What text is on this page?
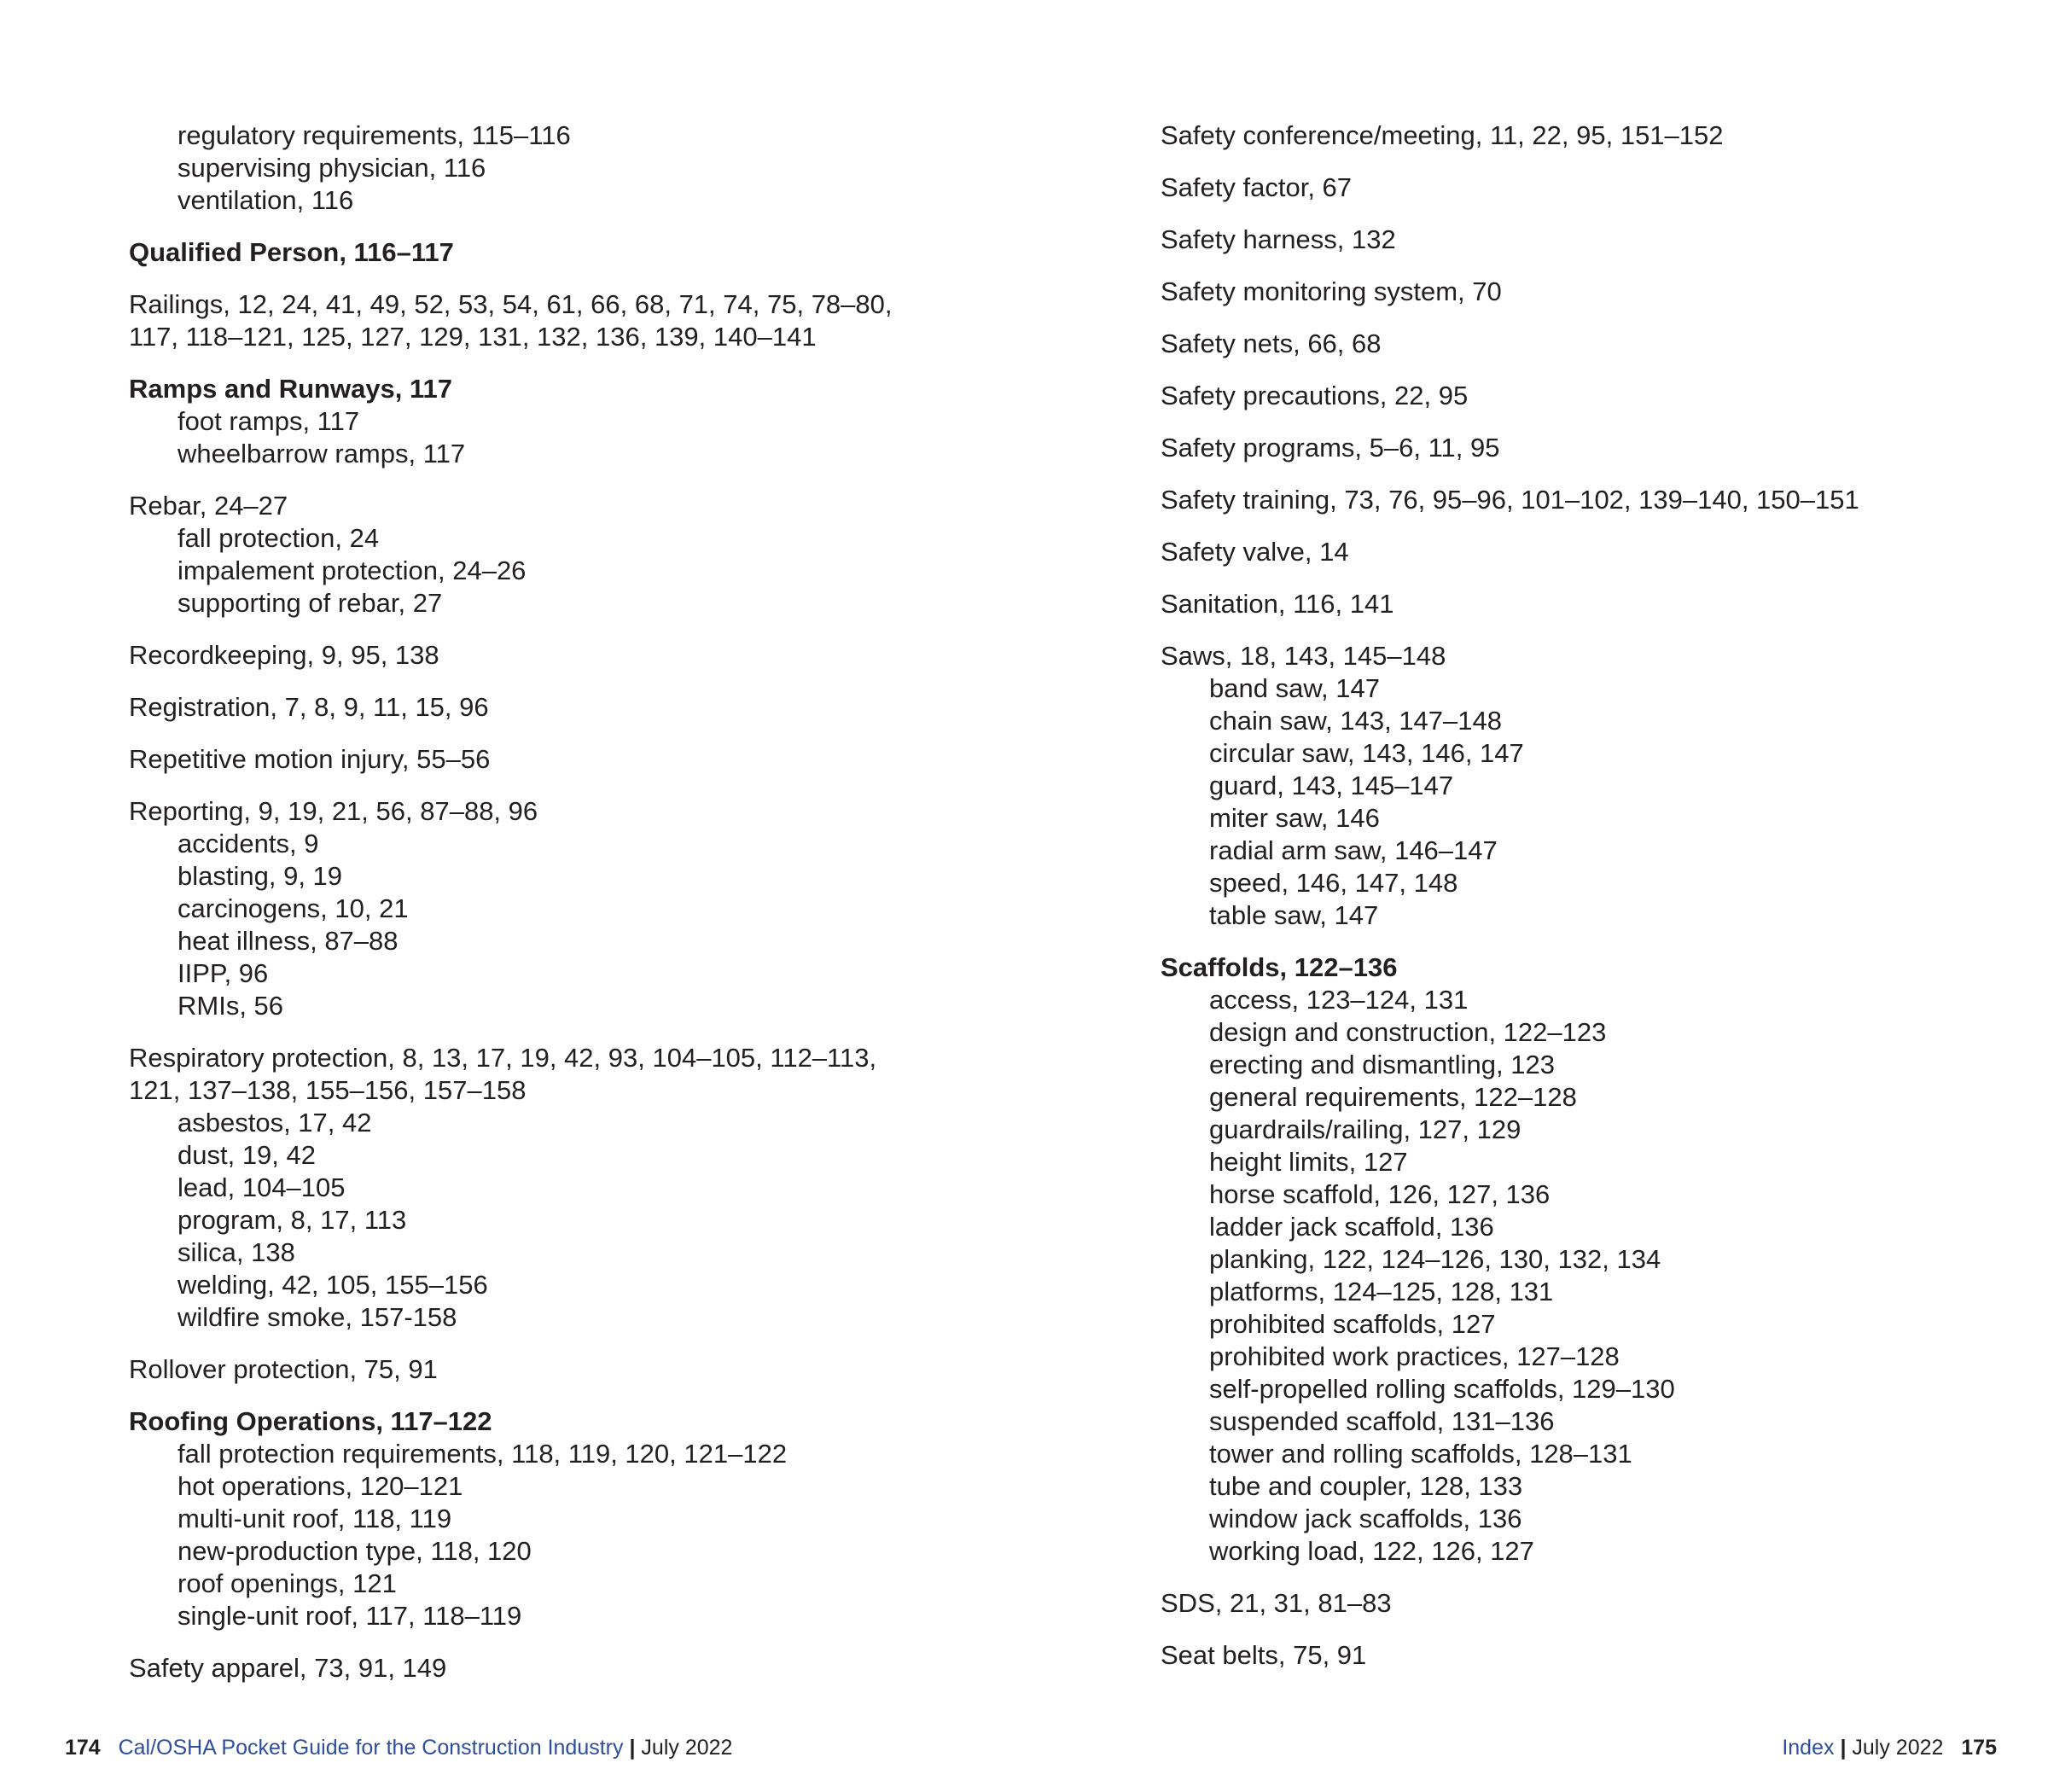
regulatory requirements, 115–116
supervising physician, 116
ventilation, 116
Qualified Person, 116–117
Railings, 12, 24, 41, 49, 52, 53, 54, 61, 66, 68, 71, 74, 75, 78–80,
117, 118–121, 125, 127, 129, 131, 132, 136, 139, 140–141
Ramps and Runways, 117
foot ramps, 117
wheelbarrow ramps, 117
Rebar, 24–27
fall protection, 24
impalement protection, 24–26
supporting of rebar, 27
Recordkeeping, 9, 95, 138
Registration, 7, 8, 9, 11, 15, 96
Repetitive motion injury, 55–56
Reporting, 9, 19, 21, 56, 87–88, 96
accidents, 9
blasting, 9, 19
carcinogens, 10, 21
heat illness, 87–88
IIPP, 96
RMIs, 56
Respiratory protection, 8, 13, 17, 19, 42, 93, 104–105, 112–113,
121, 137–138, 155–156, 157–158
asbestos, 17, 42
dust, 19, 42
lead, 104–105
program, 8, 17, 113
silica, 138
welding, 42, 105, 155–156
wildfire smoke, 157-158
Rollover protection, 75, 91
Roofing Operations, 117–122
fall protection requirements, 118, 119, 120, 121–122
hot operations, 120–121
multi-unit roof, 118, 119
new-production type, 118, 120
roof openings, 121
single-unit roof, 117, 118–119
Safety apparel, 73, 91, 149
Safety conference/meeting, 11, 22, 95, 151–152
Safety factor, 67
Safety harness, 132
Safety monitoring system, 70
Safety nets, 66, 68
Safety precautions, 22, 95
Safety programs, 5–6, 11, 95
Safety training, 73, 76, 95–96, 101–102, 139–140, 150–151
Safety valve, 14
Sanitation, 116, 141
Saws, 18, 143, 145–148
band saw, 147
chain saw, 143, 147–148
circular saw, 143, 146, 147
guard, 143, 145–147
miter saw, 146
radial arm saw, 146–147
speed, 146, 147, 148
table saw, 147
Scaffolds, 122–136
access, 123–124, 131
design and construction, 122–123
erecting and dismantling, 123
general requirements, 122–128
guardrails/railing, 127, 129
height limits, 127
horse scaffold, 126, 127, 136
ladder jack scaffold, 136
planking, 122, 124–126, 130, 132, 134
platforms, 124–125, 128, 131
prohibited scaffolds, 127
prohibited work practices, 127–128
self-propelled rolling scaffolds, 129–130
suspended scaffold, 131–136
tower and rolling scaffolds, 128–131
tube and coupler, 128, 133
window jack scaffolds, 136
working load, 122, 126, 127
SDS, 21, 31, 81–83
Seat belts, 75, 91
174 Cal/OSHA Pocket Guide for the Construction Industry | July 2022	Index | July 2022 175
